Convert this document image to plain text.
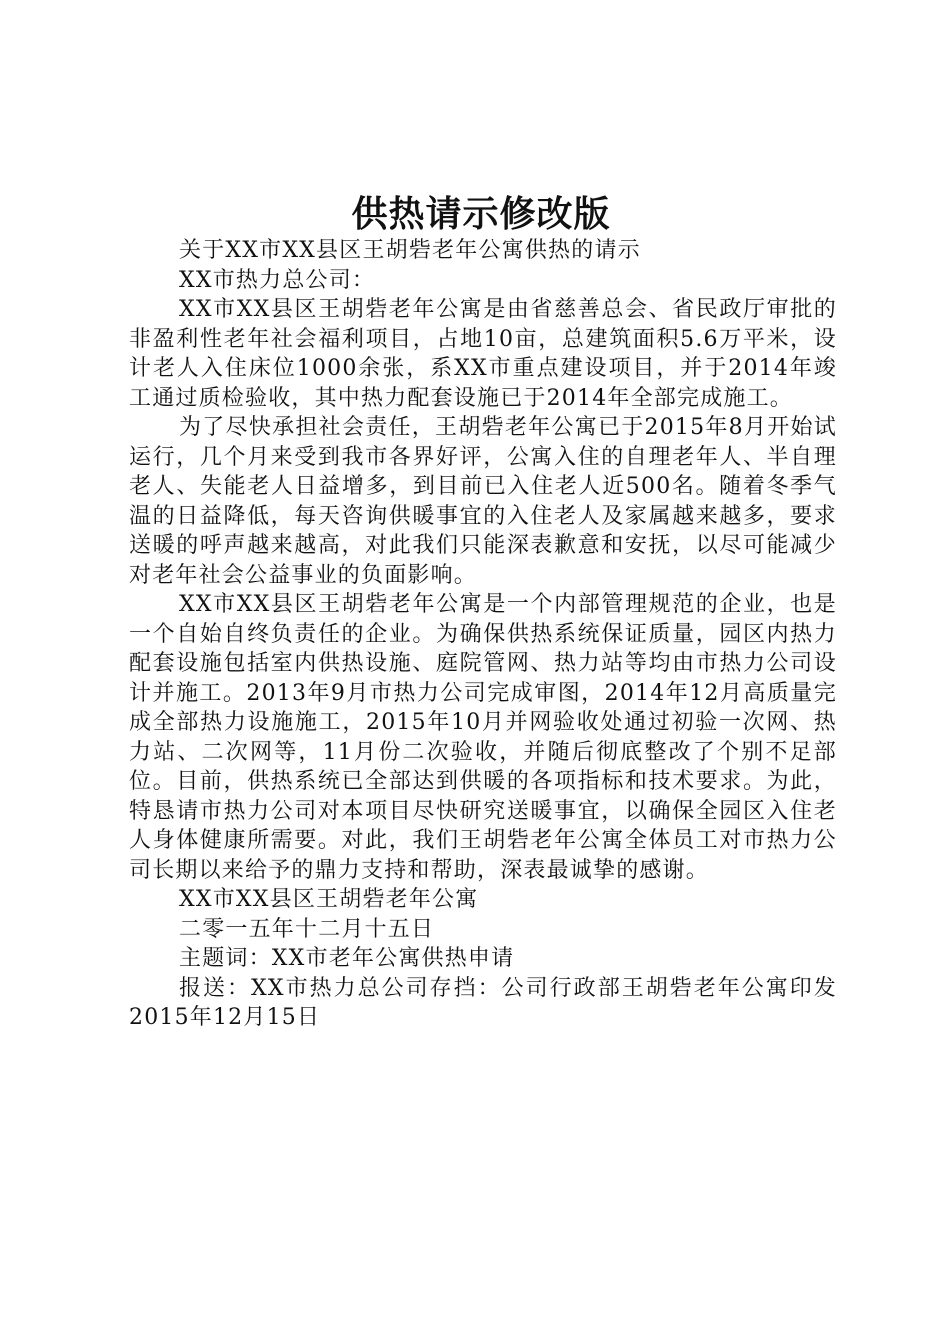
供热请示修改版

关于XX市XX县区王胡砦老年公寓供热的请示

XX市热力总公司：

XX市XX县区王胡砦老年公寓是由省慈善总会、省民政厅审批的非盈利性老年社会福利项目，占地10亩，总建筑面积5.6万平米，设计老人入住床位1000余张，系XX市重点建设项目，并于2014年竣工通过质检验收，其中热力配套设施已于2014年全部完成施工。

为了尽快承担社会责任，王胡砦老年公寓已于2015年8月开始试运行，几个月来受到我市各界好评，公寓入住的自理老年人、半自理老人、失能老人日益增多，到目前已入住老人近500名。随着冬季气温的日益降低，每天咨询供暖事宜的入住老人及家属越来越多，要求送暖的呼声越来越高，对此我们只能深表歉意和安抚，以尽可能减少对老年社会公益事业的负面影响。

XX市XX县区王胡砦老年公寓是一个内部管理规范的企业，也是一个自始自终负责任的企业。为确保供热系统保证质量，园区内热力配套设施包括室内供热设施、庭院管网、热力站等均由市热力公司设计并施工。2013年9月市热力公司完成审图，2014年12月高质量完成全部热力设施施工，2015年10月并网验收处通过初验一次网、热力站、二次网等，11月份二次验收，并随后彻底整改了个别不足部位。目前，供热系统已全部达到供暖的各项指标和技术要求。为此，特恳请市热力公司对本项目尽快研究送暖事宜，以确保全园区入住老人身体健康所需要。对此，我们王胡砦老年公寓全体员工对市热力公司长期以来给予的鼎力支持和帮助，深表最诚挚的感谢。

XX市XX县区王胡砦老年公寓

二零一五年十二月十五日

主题词：XX市老年公寓供热申请

报送：XX市热力总公司存挡：公司行政部王胡砦老年公寓印发2015年12月15日
